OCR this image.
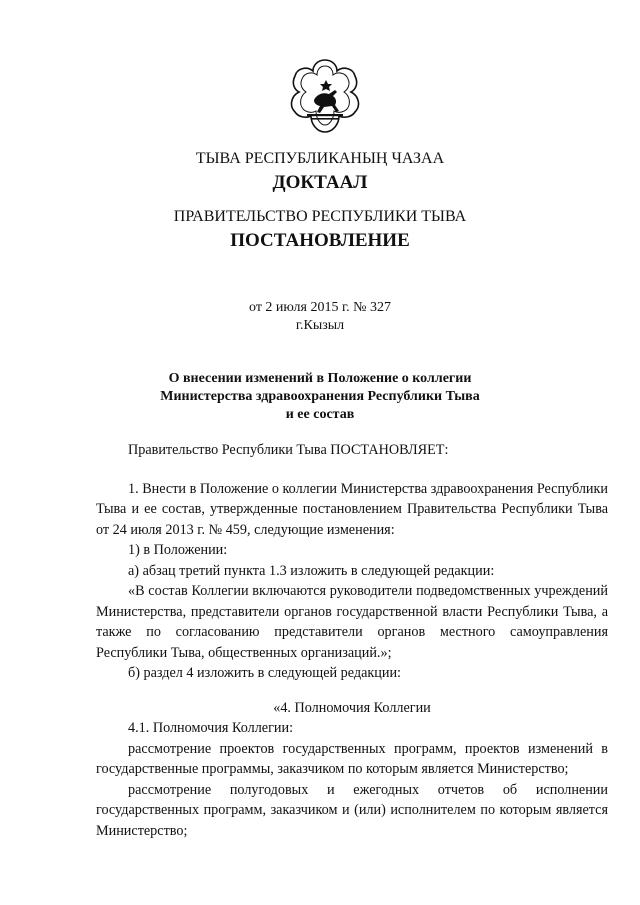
ТЫВА РЕСПУБЛИКАНЫҢ ЧАЗАА
ДОКТААЛ
ПРАВИТЕЛЬСТВО РЕСПУБЛИКИ ТЫВА
ПОСТАНОВЛЕНИЕ
от 2 июля 2015 г. № 327
г.Кызыл
О внесении изменений в Положение о коллегии
Министерства здравоохранения Республики Тыва
и ее состав

Правительство Республики Тыва ПОСТАНОВЛЯЕТ:

1. Внести в Положение о коллегии Министерства здравоохранения Республики Тыва и ее состав, утвержденные постановлением Правительства Республики Тыва от 24 июля 2013 г. № 459, следующие изменения:

1) в Положении:

а) абзац третий пункта 1.3 изложить в следующей редакции:

«В состав Коллегии включаются руководители подведомственных учреждений Министерства, представители органов государственной власти Республики Тыва, а также по согласованию представители органов местного самоуправления Республики Тыва, общественных организаций.»;

б) раздел 4 изложить в следующей редакции:

«4. Полномочия Коллегии

4.1. Полномочия Коллегии:

рассмотрение проектов государственных программ, проектов изменений в государственные программы, заказчиком по которым является Министерство;

рассмотрение полугодовых и ежегодных отчетов об исполнении государственных программ, заказчиком и (или) исполнителем по которым является Министерство;
